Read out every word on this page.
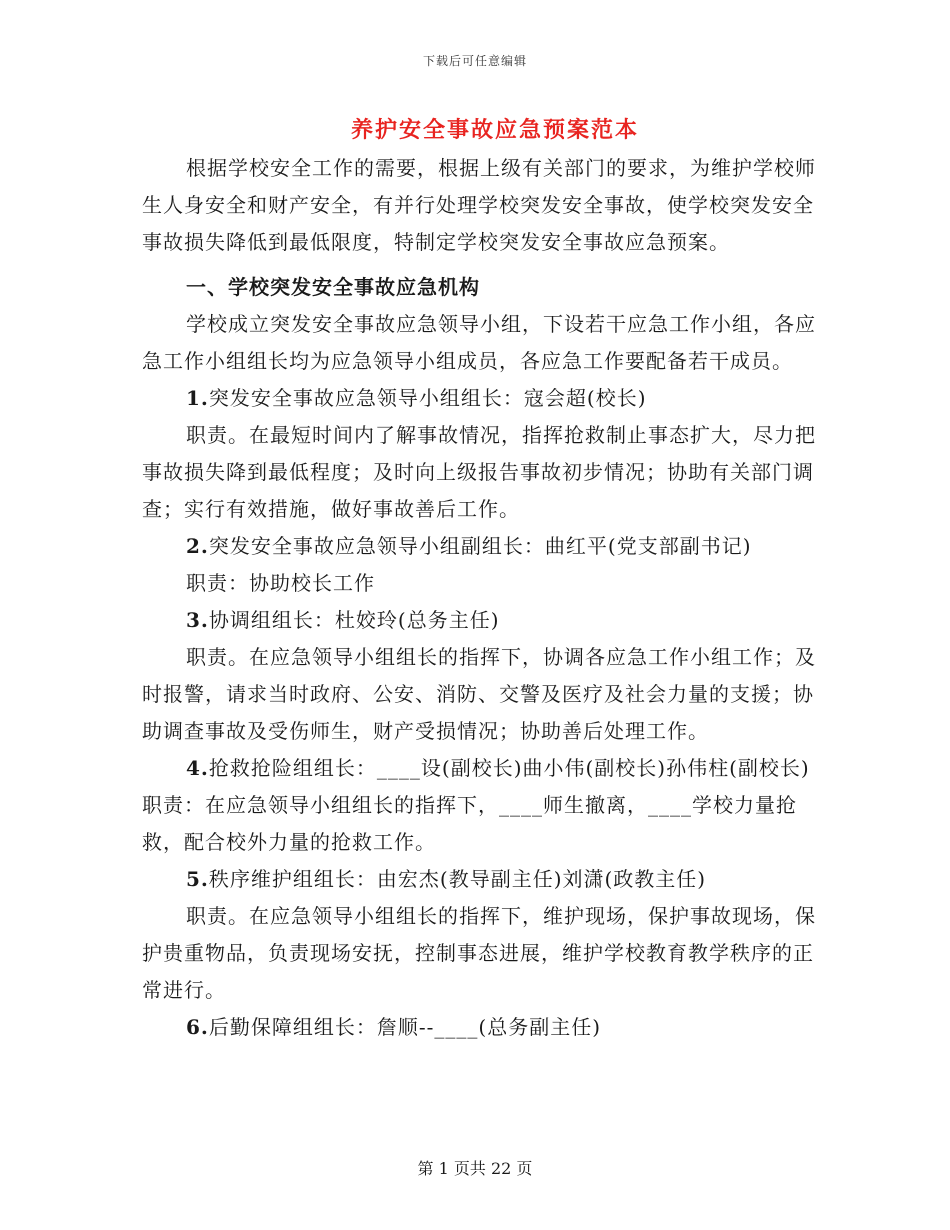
下载后可任意编辑
养护安全事故应急预案范本

根据学校安全工作的需要，根据上级有关部门的要求，为维护学校师生人身安全和财产安全，有并行处理学校突发安全事故，使学校突发安全事故损失降低到最低限度，特制定学校突发安全事故应急预案。

一、学校突发安全事故应急机构

学校成立突发安全事故应急领导小组，下设若干应急工作小组，各应急工作小组组长均为应急领导小组成员，各应急工作要配备若干成员。

1.突发安全事故应急领导小组组长：寇会超(校长)

职责。在最短时间内了解事故情况，指挥抢救制止事态扩大，尽力把事故损失降到最低程度；及时向上级报告事故初步情况；协助有关部门调查；实行有效措施，做好事故善后工作。

2.突发安全事故应急领导小组副组长：曲红平(党支部副书记)

职责：协助校长工作

3.协调组组长：杜姣玲(总务主任)

职责。在应急领导小组组长的指挥下，协调各应急工作小组工作；及时报警，请求当时政府、公安、消防、交警及医疗及社会力量的支援；协助调查事故及受伤师生，财产受损情况；协助善后处理工作。

4.抢救抢险组组长：____设(副校长)曲小伟(副校长)孙伟柱(副校长)职责：在应急领导小组组长的指挥下，____师生撤离，____学校力量抢救，配合校外力量的抢救工作。

5.秩序维护组组长：由宏杰(教导副主任)刘潇(政教主任)

职责。在应急领导小组组长的指挥下，维护现场，保护事故现场，保护贵重物品，负责现场安抚，控制事态进展，维护学校教育教学秩序的正常进行。

6.后勤保障组组长：詹顺--____(总务副主任)

第 1 页共 22 页
